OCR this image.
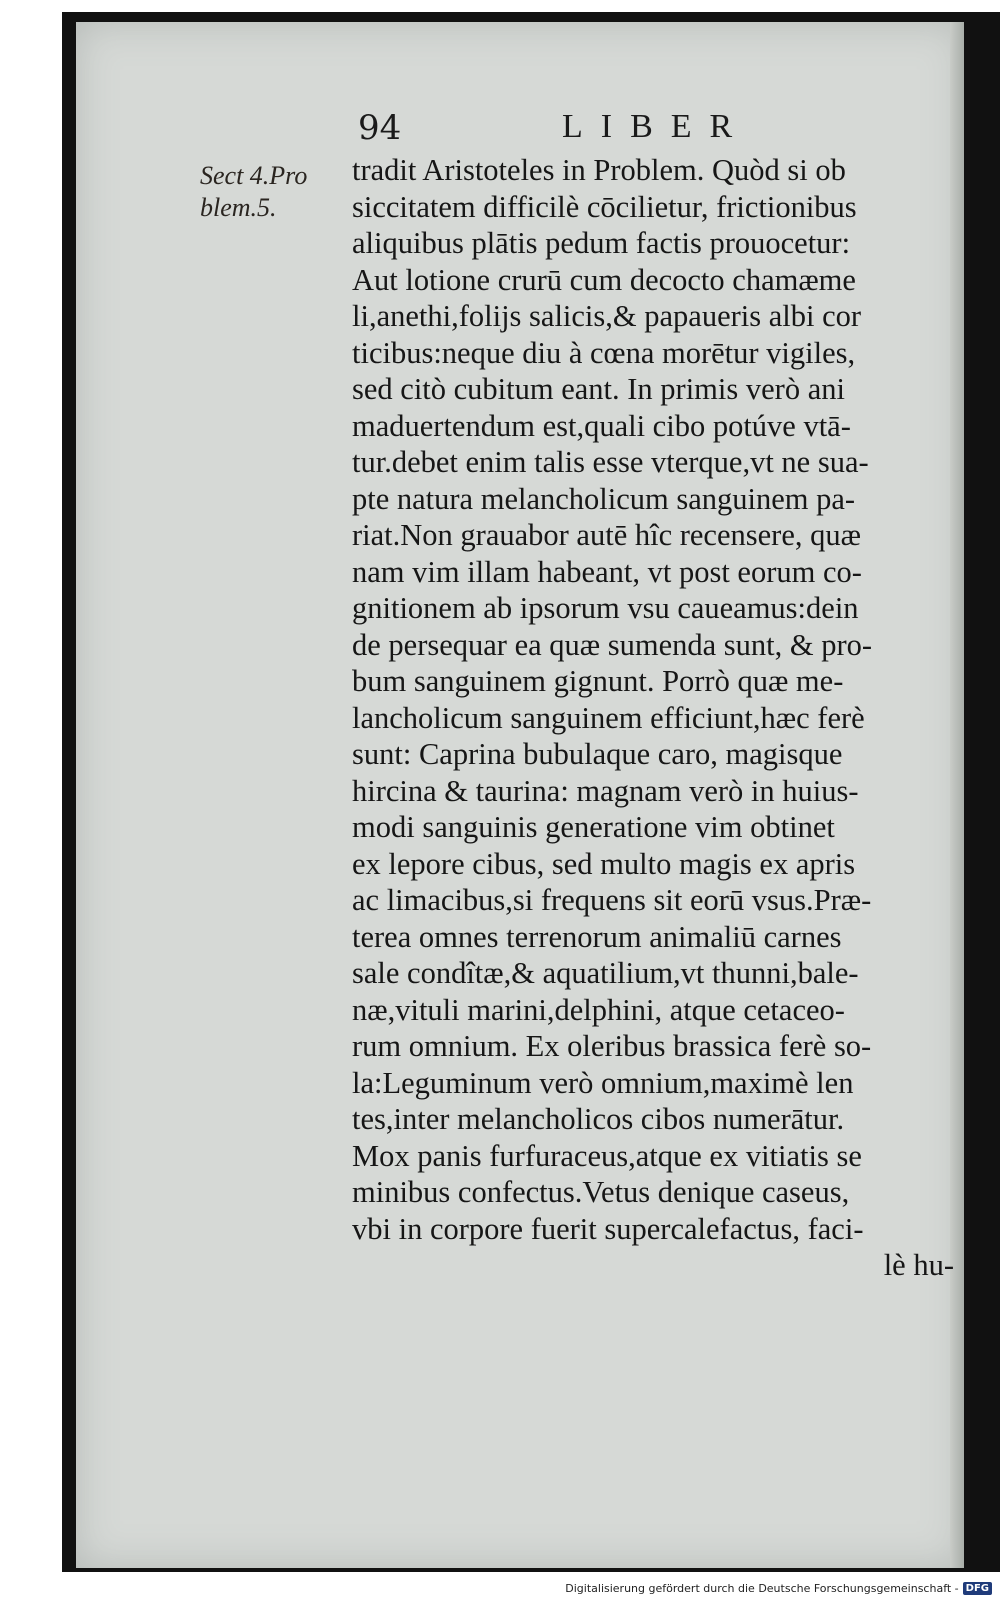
94	LIBER
Sect 4.Pro
blem.5.
tradit Aristoteles in Problem. Quòd si ob
siccitatem difficilè cōcilietur, frictionibus
aliquibus plātis pedum factis prouocetur:
Aut lotione crurū cum decocto chamæme
li,anethi,folijs salicis,& papaueris albi cor
ticibus:neque diu à cœna morētur vigiles,
sed citò cubitum eant. In primis verò ani
maduertendum est,quali cibo potúve vtā-
tur.debet enim talis esse vterque,vt ne sua-
pte natura melancholicum sanguinem pa-
riat.Non grauabor autē hîc recensere, quæ
nam vim illam habeant, vt post eorum co-
gnitionem ab ipsorum vsu caueamus:dein
de persequar ea quæ sumenda sunt, & pro-
bum sanguinem gignunt. Porrò quæ me-
lancholicum sanguinem efficiunt,hæc ferè
sunt: Caprina bubulaque caro, magisque
hircina & taurina: magnam verò in huius-
modi sanguinis generatione vim obtinet
ex lepore cibus, sed multo magis ex apris
ac limacibus,si frequens sit eorū vsus.Præ-
terea omnes terrenorum animaliū carnes
sale condîtæ,& aquatilium,vt thunni,bale-
næ,vituli marini,delphini, atque cetaceo-
rum omnium. Ex oleribus brassica ferè so-
la:Leguminum verò omnium,maximè len
tes,inter melancholicos cibos numerātur.
Mox panis furfuraceus,atque ex vitiatis se
minibus confectus.Vetus denique caseus,
vbi in corpore fuerit supercalefactus, faci-
lè hu-
Digitalisierung gefördert durch die Deutsche Forschungsgemeinschaft - DFG
